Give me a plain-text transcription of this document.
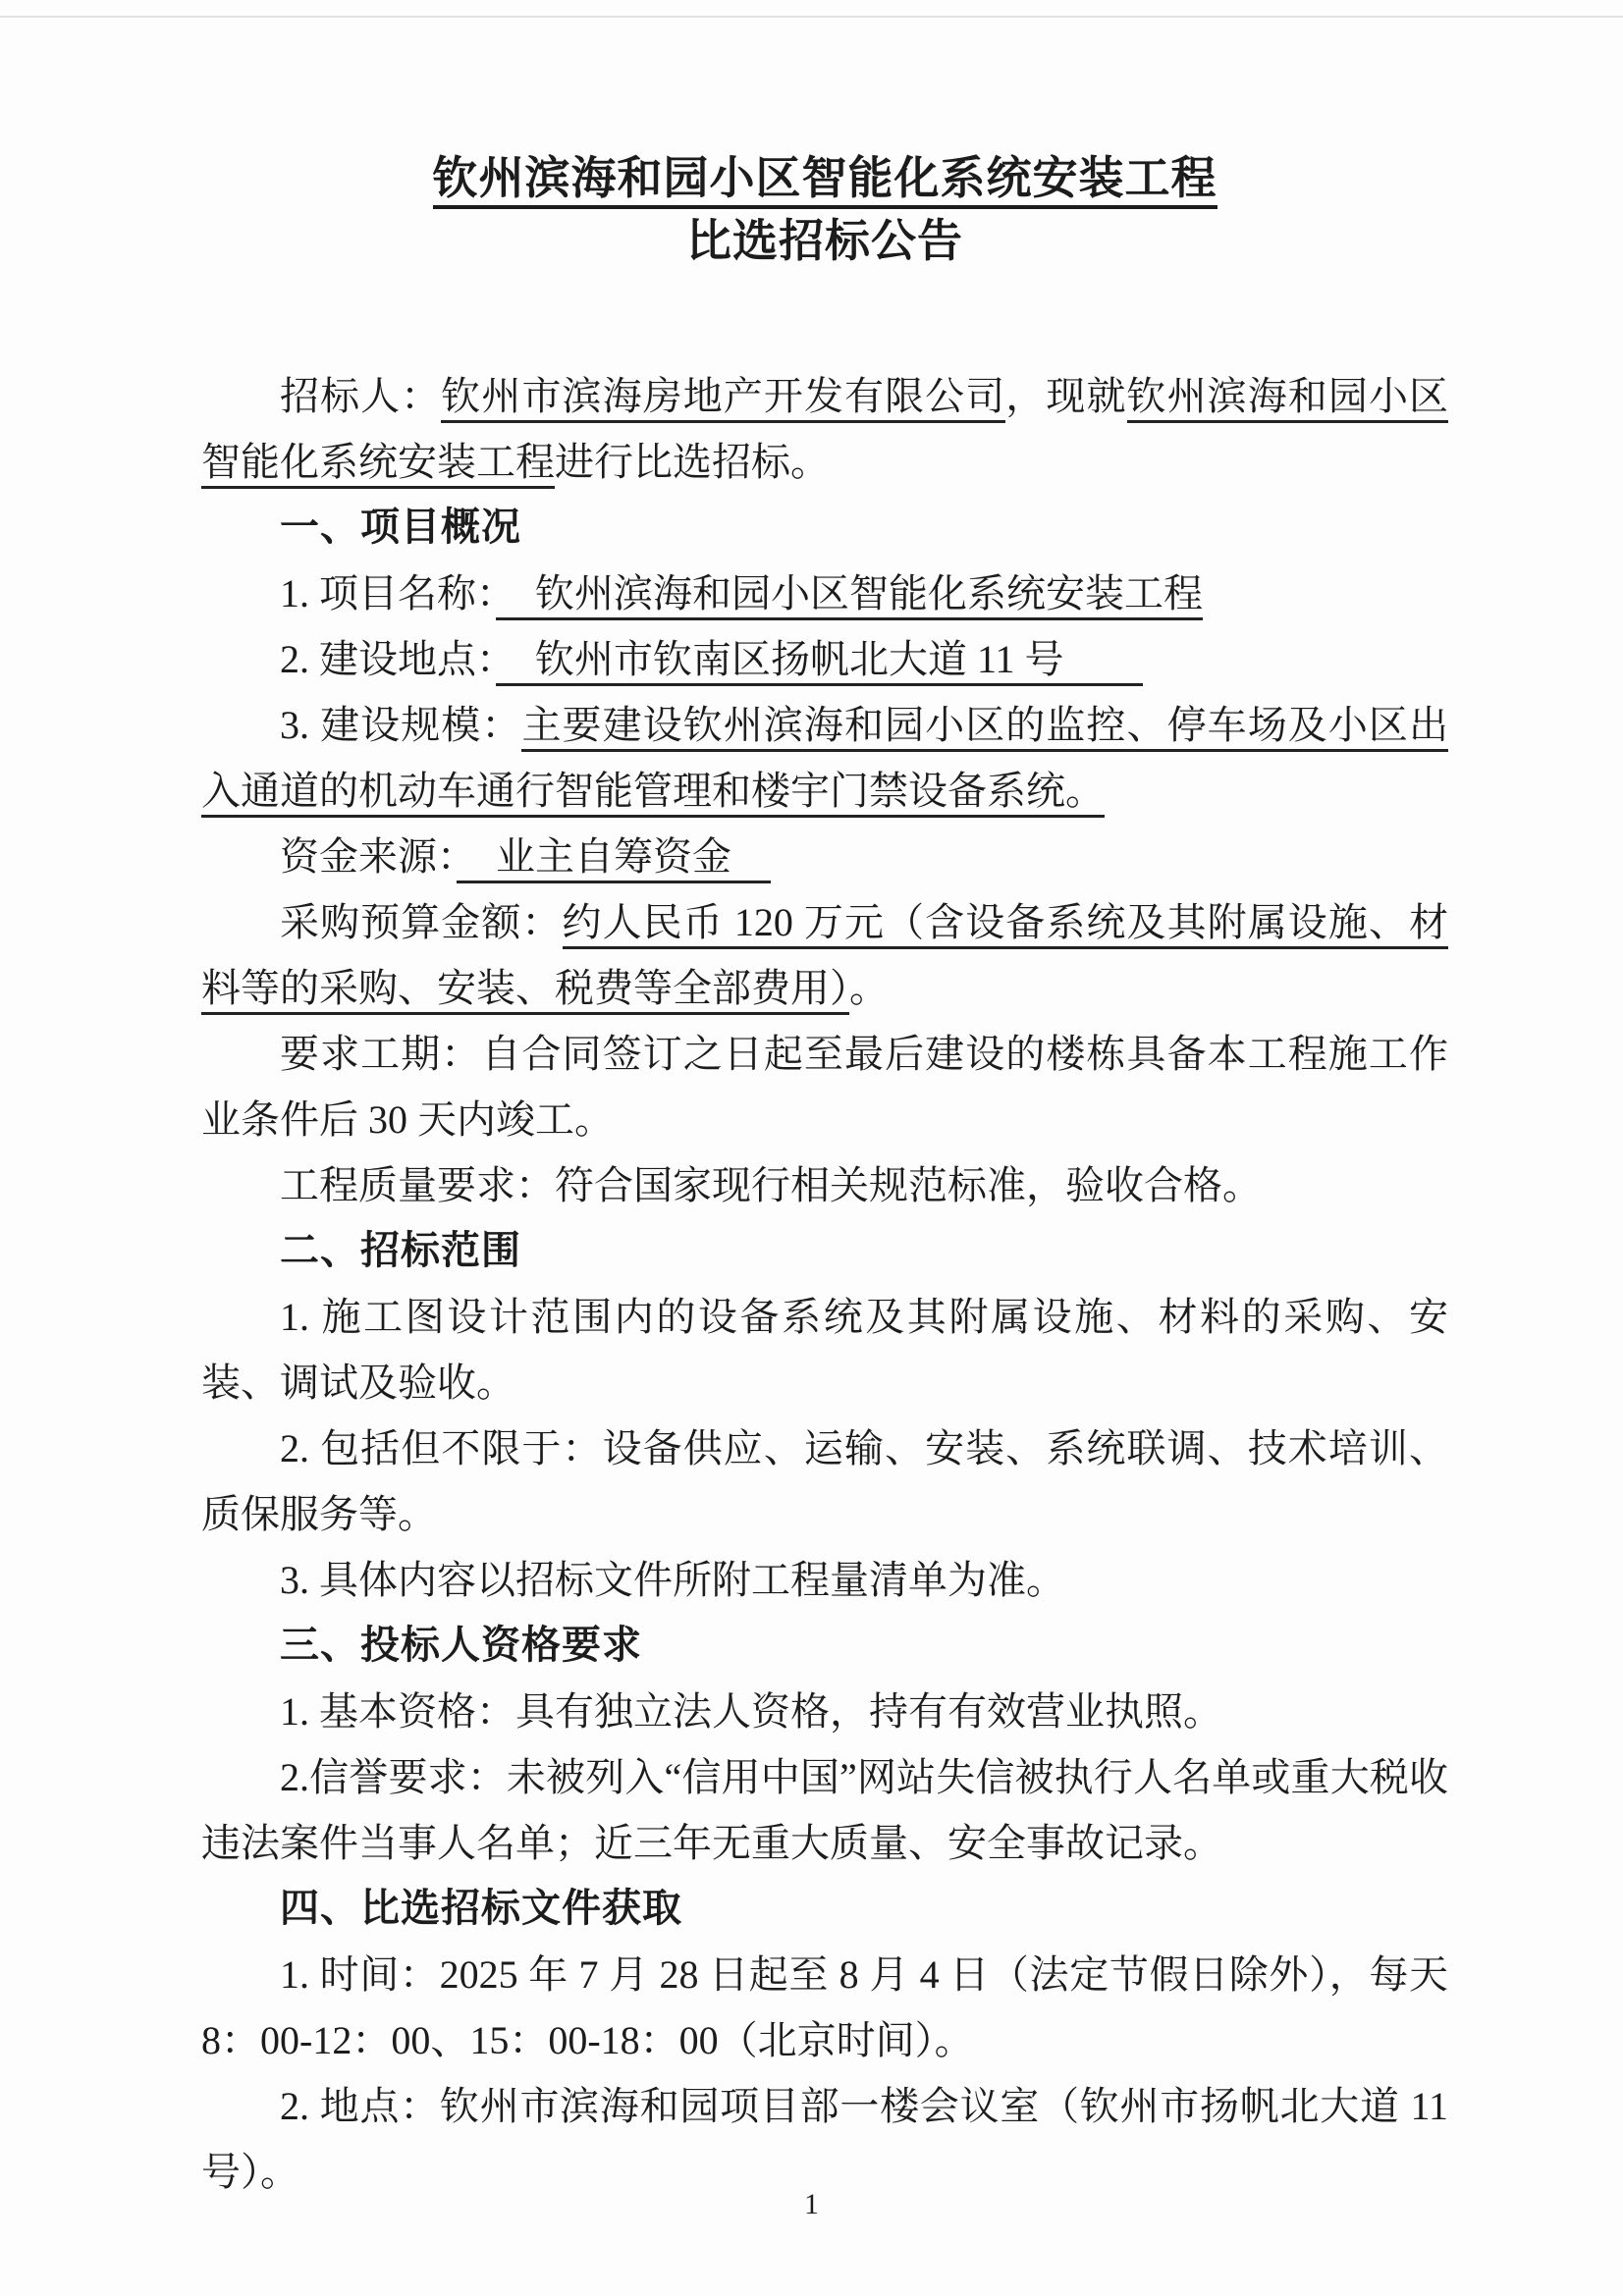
钦州滨海和园小区智能化系统安装工程

比选招标公告

招标人：钦州市滨海房地产开发有限公司，现就钦州滨海和园小区智能化系统安装工程进行比选招标。

一、项目概况

1. 项目名称：　钦州滨海和园小区智能化系统安装工程

2. 建设地点：　钦州市钦南区扬帆北大道 11 号　　

3. 建设规模：主要建设钦州滨海和园小区的监控、停车场及小区出入通道的机动车通行智能管理和楼宇门禁设备系统。

资金来源：　业主自筹资金　

采购预算金额：约人民币 120 万元（含设备系统及其附属设施、材料等的采购、安装、税费等全部费用）。

要求工期：自合同签订之日起至最后建设的楼栋具备本工程施工作业条件后 30 天内竣工。

工程质量要求：符合国家现行相关规范标准，验收合格。

二、招标范围

1. 施工图设计范围内的设备系统及其附属设施、材料的采购、安装、调试及验收。

2. 包括但不限于：设备供应、运输、安装、系统联调、技术培训、质保服务等。

3. 具体内容以招标文件所附工程量清单为准。

三、投标人资格要求

1. 基本资格：具有独立法人资格，持有有效营业执照。

2.信誉要求：未被列入“信用中国”网站失信被执行人名单或重大税收违法案件当事人名单；近三年无重大质量、安全事故记录。

四、比选招标文件获取

1. 时间：2025 年 7 月 28 日起至 8 月 4 日（法定节假日除外），每天 8：00-12：00、15：00-18：00（北京时间）。

2. 地点：钦州市滨海和园项目部一楼会议室（钦州市扬帆北大道 11 号）。

1
